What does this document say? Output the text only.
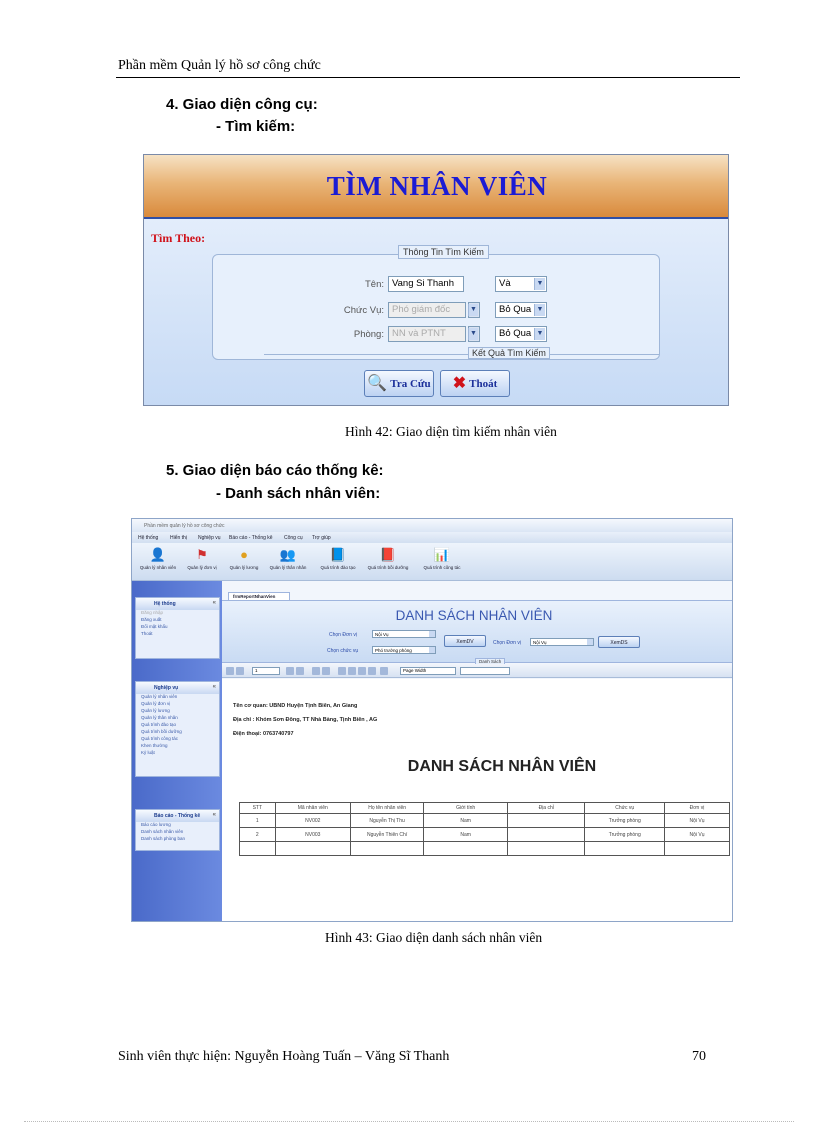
Phần mềm Quản lý hồ sơ công chức
4. Giao diện công cụ:
- Tìm kiếm:
TÌM NHÂN VIÊN
Tìm Theo:
Thông Tin Tìm Kiếm
Tên: Vang Si Thanh	Và	▼
Chức Vụ: Phó giám đốc	▼	Bỏ Qua ▼
Phòng: NN và PTNT	▼	Bỏ Qua ▼
Kết Quả Tìm Kiếm
🔍 Tra Cứu ✖ Thoát
Hình 42: Giao diện tìm kiếm nhân viên
5. Giao diện báo cáo thống kê:
- Danh sách nhân viên:
Phần mềm quản lý hồ sơ công chức
Hệ thống Hiển thị Nghiệp vụ Báo cáo - Thống kê Công cụ Trợ giúp
👤
Quản lý nhân viên
⚑
Quản lý đơn vị
●
Quản lý lương
👥
Quản lý thân nhân
📘
Quá trình đào tạo
📕
Quá trình bồi dưỡng
📊
Quá trình công tác
Hệ thống	«
Đăng nhập
Đăng xuất
Đổi mật khẩu
Thoát
Nghiệp vụ	«
Quản lý nhân viên
Quản lý đơn vị
Quản lý lương
Quản lý thân nhân
Quá trình đào tạo
Quá trình bồi dưỡng
Quá trình công tác
Khen thưởng
Kỷ luật
Báo cáo - Thống kê «
Báo cáo lương
Danh sách nhân viên
Danh sách phòng ban
frmReportNhanVien
DANH SÁCH NHÂN VIÊN
Chọn Đơn vị	Nội Vụ
Chọn chức vụ	Phó trưởng phòng
XemDV	Chọn Đơn vị	Nội Vụ	XemDS
Danh Sách
1	Page Width
Tên cơ quan: UBND Huyện Tịnh Biên, An Giang
Địa chỉ : Khóm Sơn Đông, TT Nhà Bàng, Tịnh Biên , AG
Điện thoại: 0763740797
DANH SÁCH NHÂN VIÊN
STT	Mã nhân viên	Họ tên nhân viên	Giới tính	Địa chỉ	Chức vụ	Đơn vị
1	NV002	Nguyễn Thị Thu	Nam		Trưởng phòng	Nội Vụ
2	NV003	Nguyễn Thiên Chí	Nam		Trưởng phòng	Nội Vụ

Hình 43: Giao diện danh sách nhân viên
Sinh viên thực hiện: Nguyễn Hoàng Tuấn – Văng Sĩ Thanh	70
